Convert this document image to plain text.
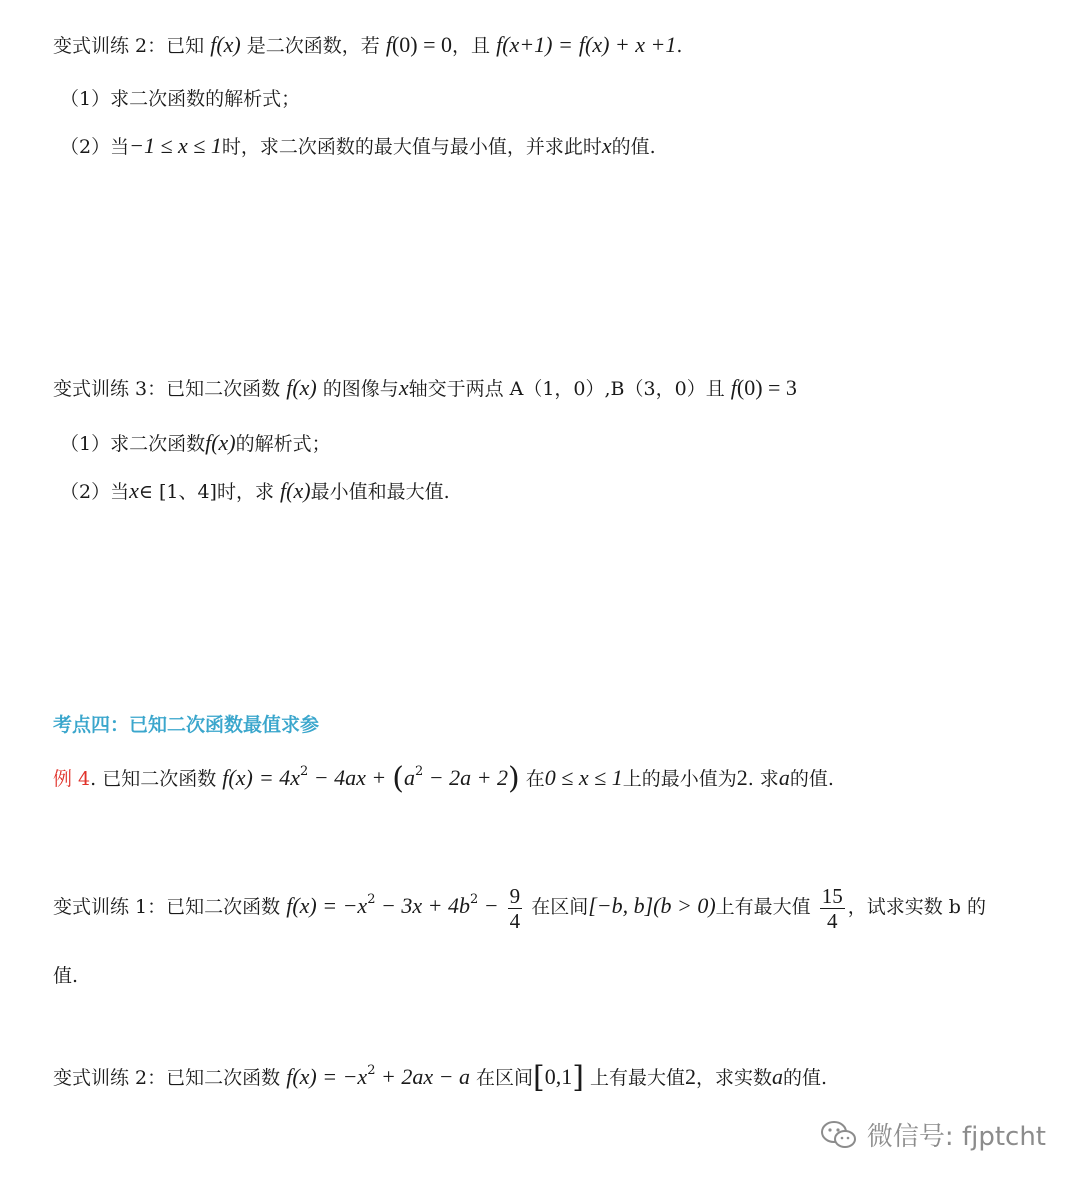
变式训练 2：已知 f(x) 是二次函数，若 f(0) = 0，且 f(x+1) = f(x) + x +1.
（1）求二次函数的解析式；
（2）当−1 ≤ x ≤ 1时，求二次函数的最大值与最小值，并求此时x的值.
变式训练 3：已知二次函数 f(x) 的图像与x轴交于两点 A（1，0）,B（3，0）且 f(0) = 3
（1）求二次函数f(x)的解析式；
（2）当x∈ [1、4]时，求 f(x)最小值和最大值.
考点四：已知二次函数最值求参
例 4. 已知二次函数 $f(x) = 4x^2 - 4ax + (a^2 - 2a + 2)$ 在0 ≤ x ≤ 1上的最小值为2. 求a的值.
变式训练 1：已知二次函数 $f(x) = -x^2 - 3x + 4b^2 - \frac{9}{4}$ 在区间[−b, b](b > 0)上有最大值 $\frac{15}{4}$ ，试求实数 b 的
值.
变式训练 2：已知二次函数 $f(x) = -x^2 + 2ax - a$ 在区间[0,1] 上有最大值2，求实数a的值.
微信号: fjptcht
